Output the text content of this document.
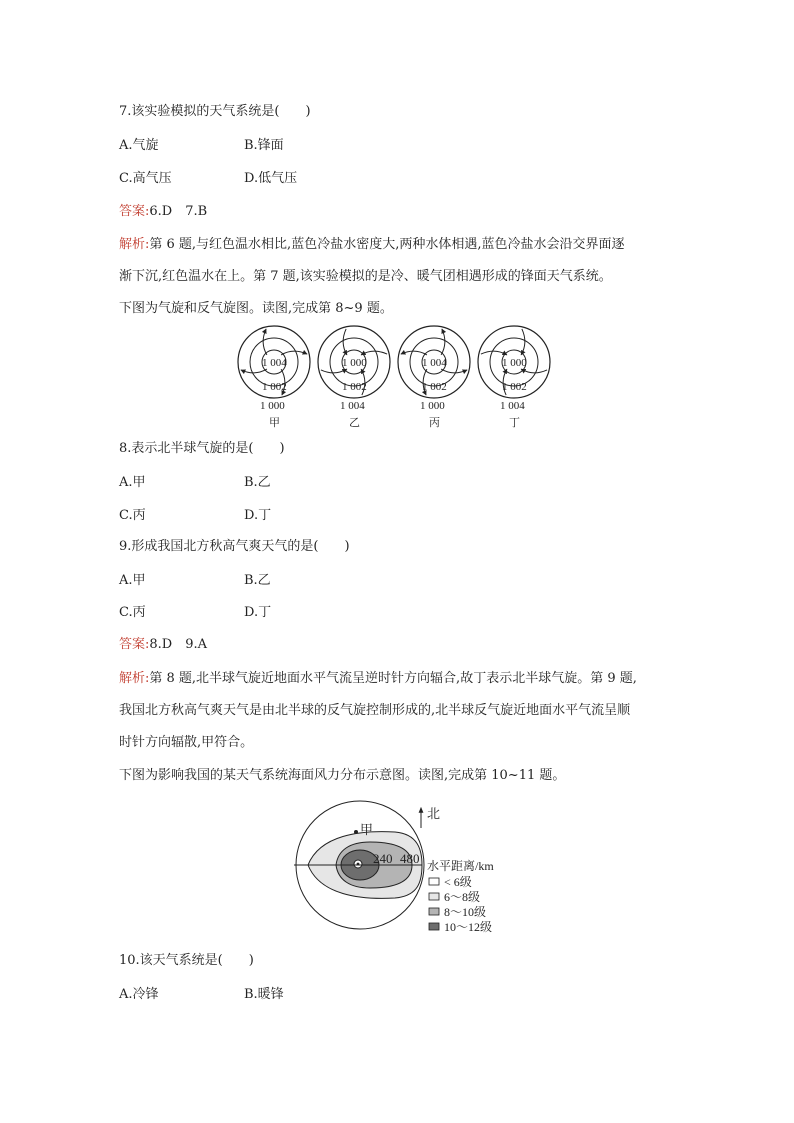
7.该实验模拟的天气系统是(　　)
A.气旋	B.锋面
C.高气压	D.低气压
答案:6.D　7.B
解析:第 6 题,与红色温水相比,蓝色冷盐水密度大,两种水体相遇,蓝色冷盐水会沿交界面逐
渐下沉,红色温水在上。第 7 题,该实验模拟的是冷、暖气团相遇形成的锋面天气系统。
下图为气旋和反气旋图。读图,完成第 8~9 题。
1 004
1 002
1 000
甲
1 000
1 002
1 004
乙
1 004
1 002
1 000
丙
1 000
1 002
1 004
丁
8.表示北半球气旋的是(　　)
A.甲	B.乙
C.丙	D.丁
9.形成我国北方秋高气爽天气的是(　　)
A.甲	B.乙
C.丙	D.丁
答案:8.D　9.A
解析:第 8 题,北半球气旋近地面水平气流呈逆时针方向辐合,故丁表示北半球气旋。第 9 题,
我国北方秋高气爽天气是由北半球的反气旋控制形成的,北半球反气旋近地面水平气流呈顺
时针方向辐散,甲符合。
下图为影响我国的某天气系统海面风力分布示意图。读图,完成第 10~11 题。
甲
240 480
北
水平距离/km
< 6级
6～8级
8～10级
10～12级
10.该天气系统是(　　)
A.冷锋	B.暖锋
